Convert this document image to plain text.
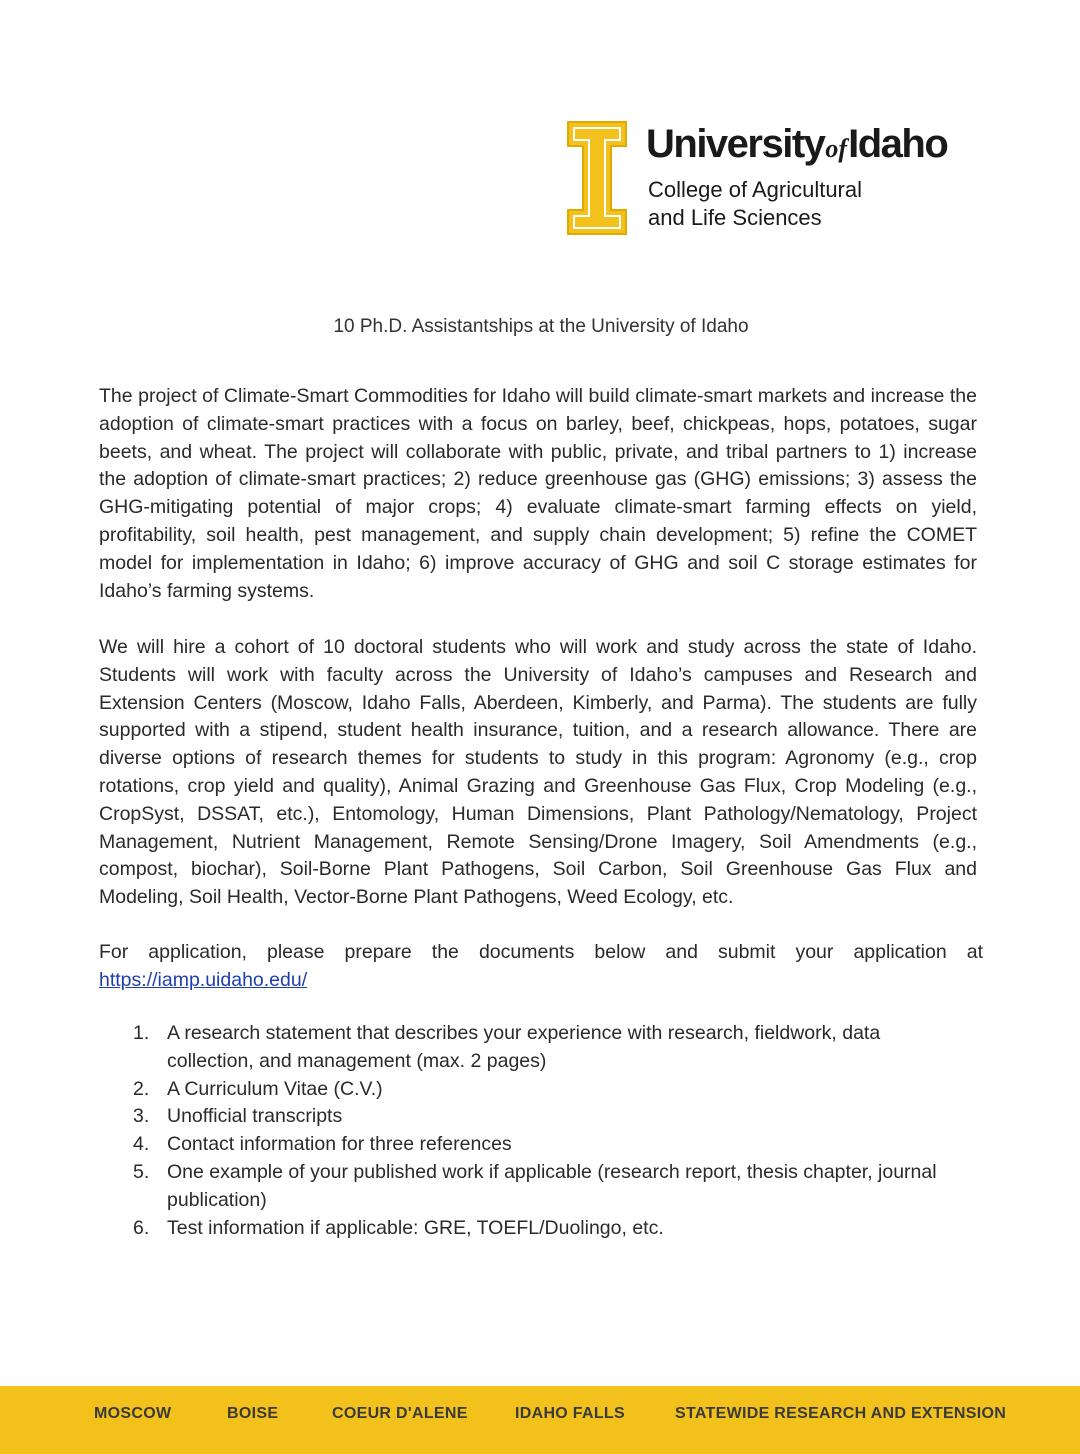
UniversityofIdaho
College of Agricultural
and Life Sciences
10 Ph.D. Assistantships at the University of Idaho

The project of Climate-Smart Commodities for Idaho will build climate-smart markets and increase the adoption of climate-smart practices with a focus on barley, beef, chickpeas, hops, potatoes, sugar beets, and wheat. The project will collaborate with public, private, and tribal partners to 1) increase the adoption of climate-smart practices; 2) reduce greenhouse gas (GHG) emissions; 3) assess the GHG-mitigating potential of major crops; 4) evaluate climate-smart farming effects on yield, profitability, soil health, pest management, and supply chain development; 5) refine the COMET model for implementation in Idaho; 6) improve accuracy of GHG and soil C storage estimates for Idaho’s farming systems.

We will hire a cohort of 10 doctoral students who will work and study across the state of Idaho. Students will work with faculty across the University of Idaho’s campuses and Research and Extension Centers (Moscow, Idaho Falls, Aberdeen, Kimberly, and Parma). The students are fully supported with a stipend, student health insurance, tuition, and a research allowance. There are diverse options of research themes for students to study in this program: Agronomy (e.g., crop rotations, crop yield and quality), Animal Grazing and Greenhouse Gas Flux, Crop Modeling (e.g., CropSyst, DSSAT, etc.), Entomology, Human Dimensions, Plant Pathology/Nematology, Project Management, Nutrient Management, Remote Sensing/Drone Imagery, Soil Amendments (e.g., compost, biochar), Soil-Borne Plant Pathogens, Soil Carbon, Soil Greenhouse Gas Flux and Modeling, Soil Health, Vector-Borne Plant Pathogens, Weed Ecology, etc.

For application, please prepare the documents below and submit your application at https://iamp.uidaho.edu/

1. A research statement that describes your experience with research, fieldwork, data collection, and management (max. 2 pages)
2. A Curriculum Vitae (C.V.)
3. Unofficial transcripts
4. Contact information for three references
5. One example of your published work if applicable (research report, thesis chapter, journal publication)
6. Test information if applicable: GRE, TOEFL/Duolingo, etc.
MOSCOW	BOISE	COEUR D'ALENE	IDAHO FALLS	STATEWIDE RESEARCH AND EXTENSION
